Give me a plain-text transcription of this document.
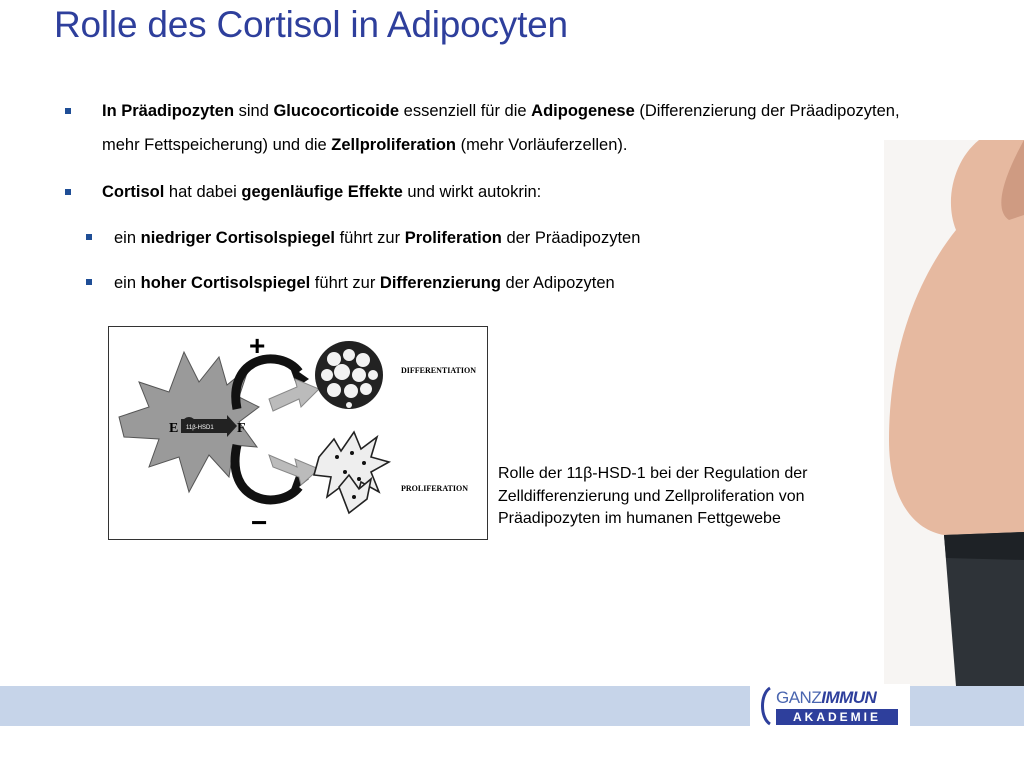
Rolle des Cortisol in Adipocyten
In Präadipozyten sind Glucocorticoide essenziell für die Adipogenese (Differenzierung der Präadipozyten, mehr Fettspeicherung) und die Zellproliferation (mehr Vorläuferzellen).
Cortisol hat dabei gegenläufige Effekte und wirkt autokrin:
ein niedriger Cortisolspiegel führt zur Proliferation der Präadipozyten
ein hoher Cortisolspiegel führt zur Differenzierung der Adipozyten
11β-HSD1
E	F
+
−
DIFFERENTIATION
PROLIFERATION
Rolle der 11β-HSD-1 bei der Regulation der Zelldifferenzierung und Zellproliferation von Präadipozyten im humanen Fettgewebe
GANZIMMUN
AKADEMIE
